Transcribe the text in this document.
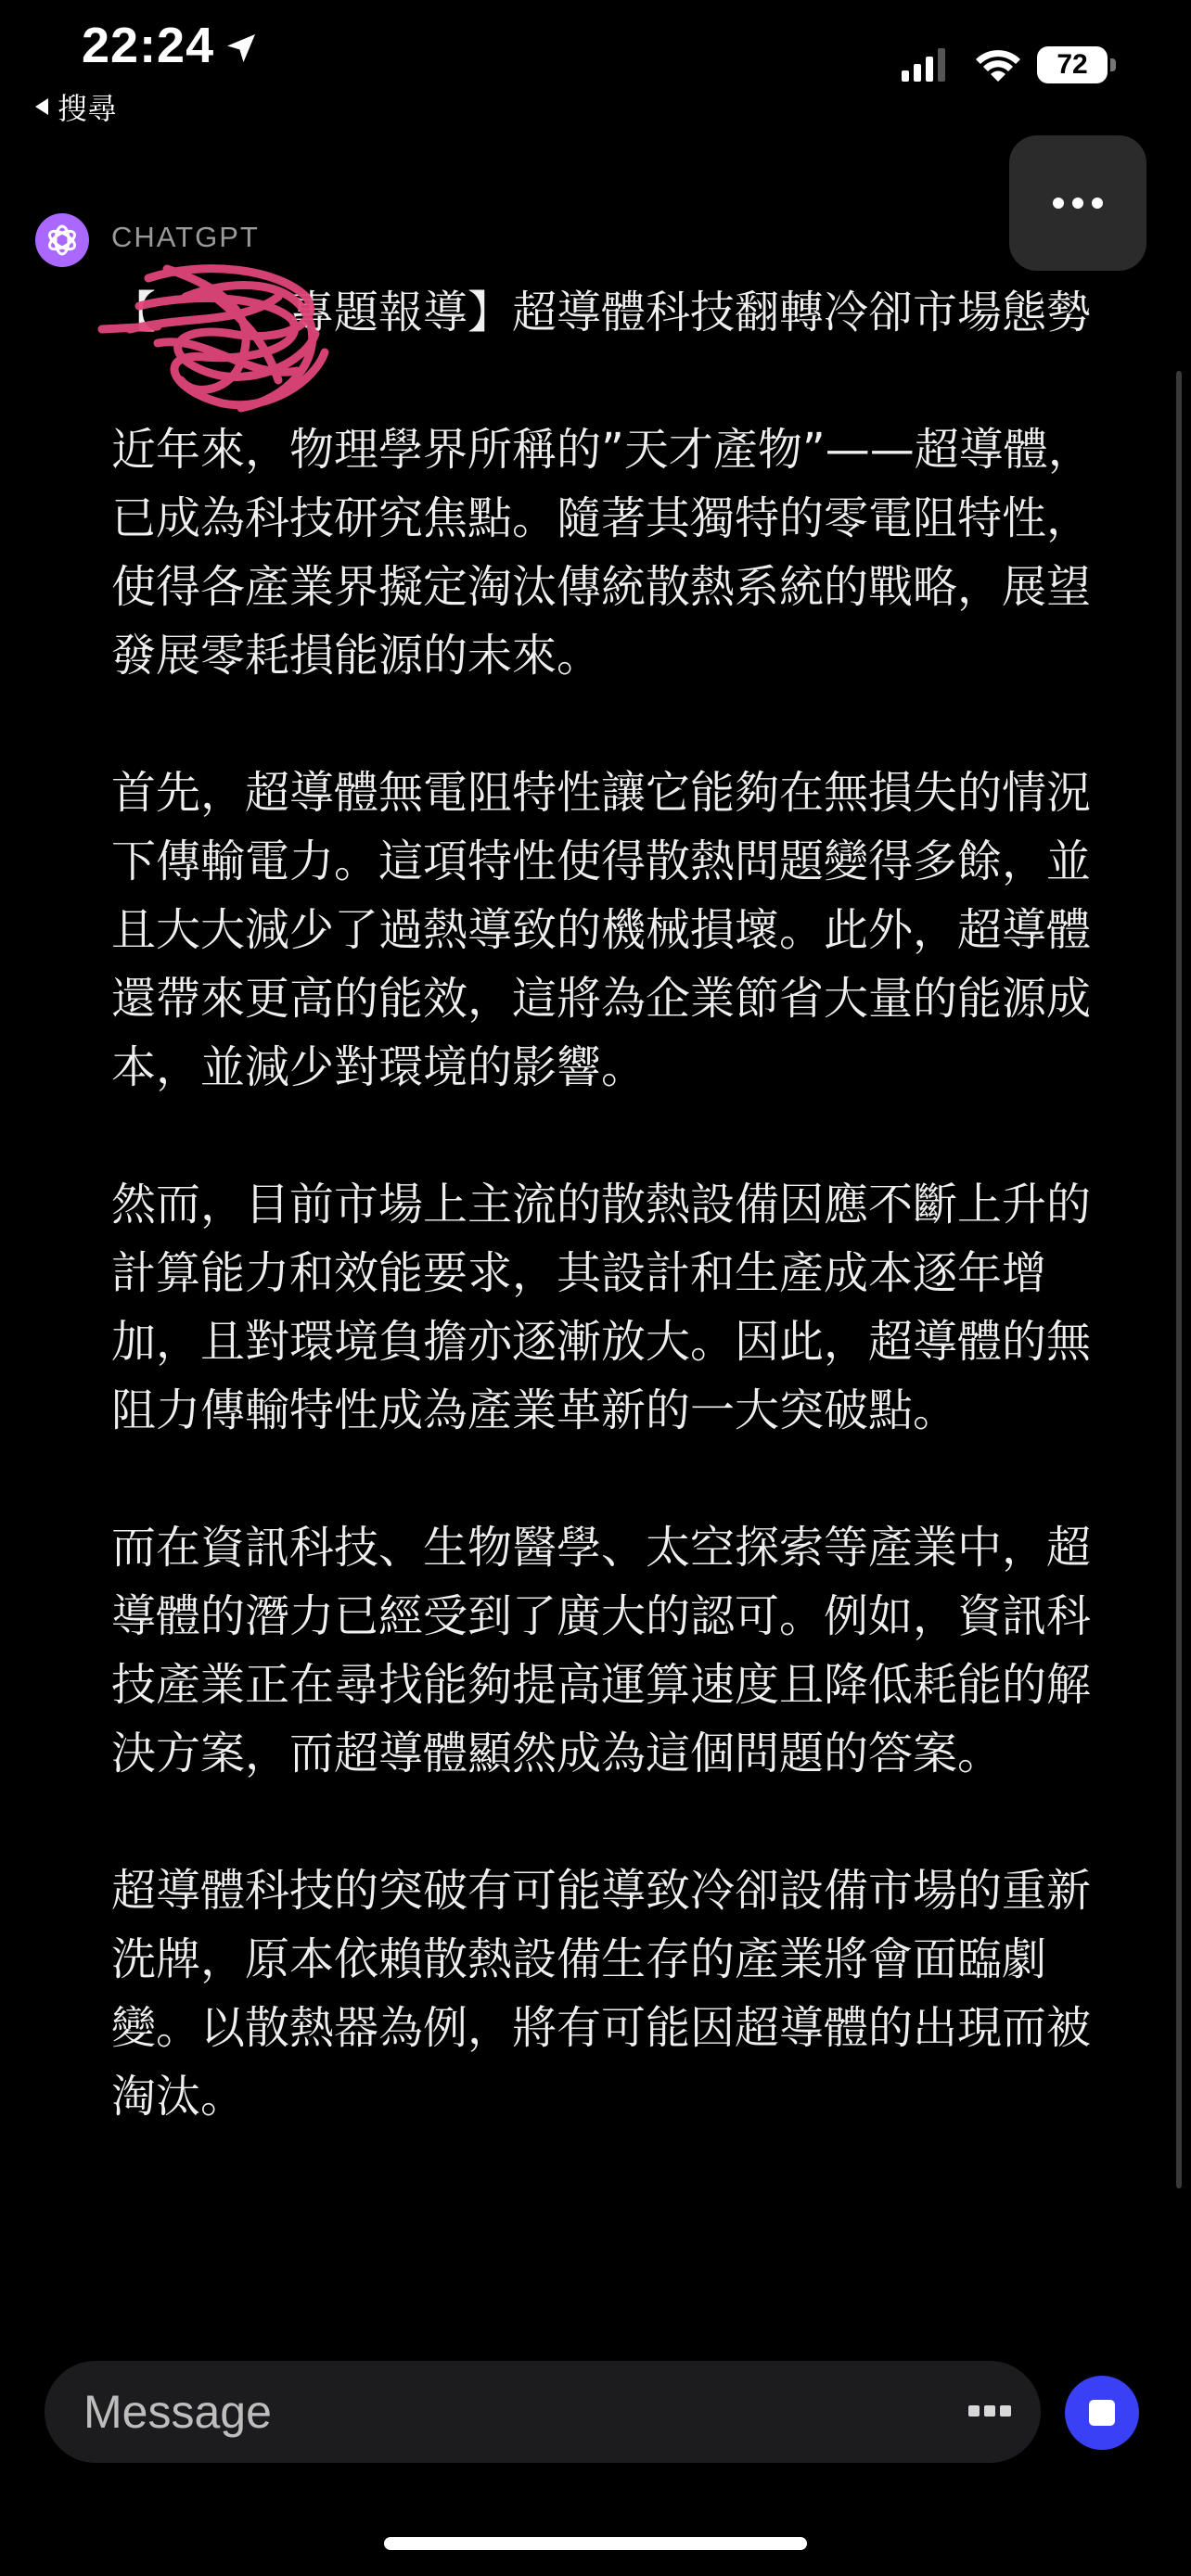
22:24
搜尋
72
CHATGPT

【　　　專題報導】超導體科技翻轉冷卻市場態勢

近年來，物理學界所稱的”天才產物”——超導體，已成為科技研究焦點。隨著其獨特的零電阻特性，使得各產業界擬定淘汰傳統散熱系統的戰略，展望發展零耗損能源的未來。

首先，超導體無電阻特性讓它能夠在無損失的情況下傳輸電力。這項特性使得散熱問題變得多餘，並且大大減少了過熱導致的機械損壞。此外，超導體還帶來更高的能效，這將為企業節省大量的能源成本，並減少對環境的影響。

然而，目前市場上主流的散熱設備因應不斷上升的計算能力和效能要求，其設計和生產成本逐年增加，且對環境負擔亦逐漸放大。因此，超導體的無阻力傳輸特性成為產業革新的一大突破點。

而在資訊科技、生物醫學、太空探索等產業中，超導體的潛力已經受到了廣大的認可。例如，資訊科技產業正在尋找能夠提高運算速度且降低耗能的解決方案，而超導體顯然成為這個問題的答案。

超導體科技的突破有可能導致冷卻設備市場的重新洗牌，原本依賴散熱設備生存的產業將會面臨劇變。以散熱器為例，將有可能因超導體的出現而被淘汰。

Message
